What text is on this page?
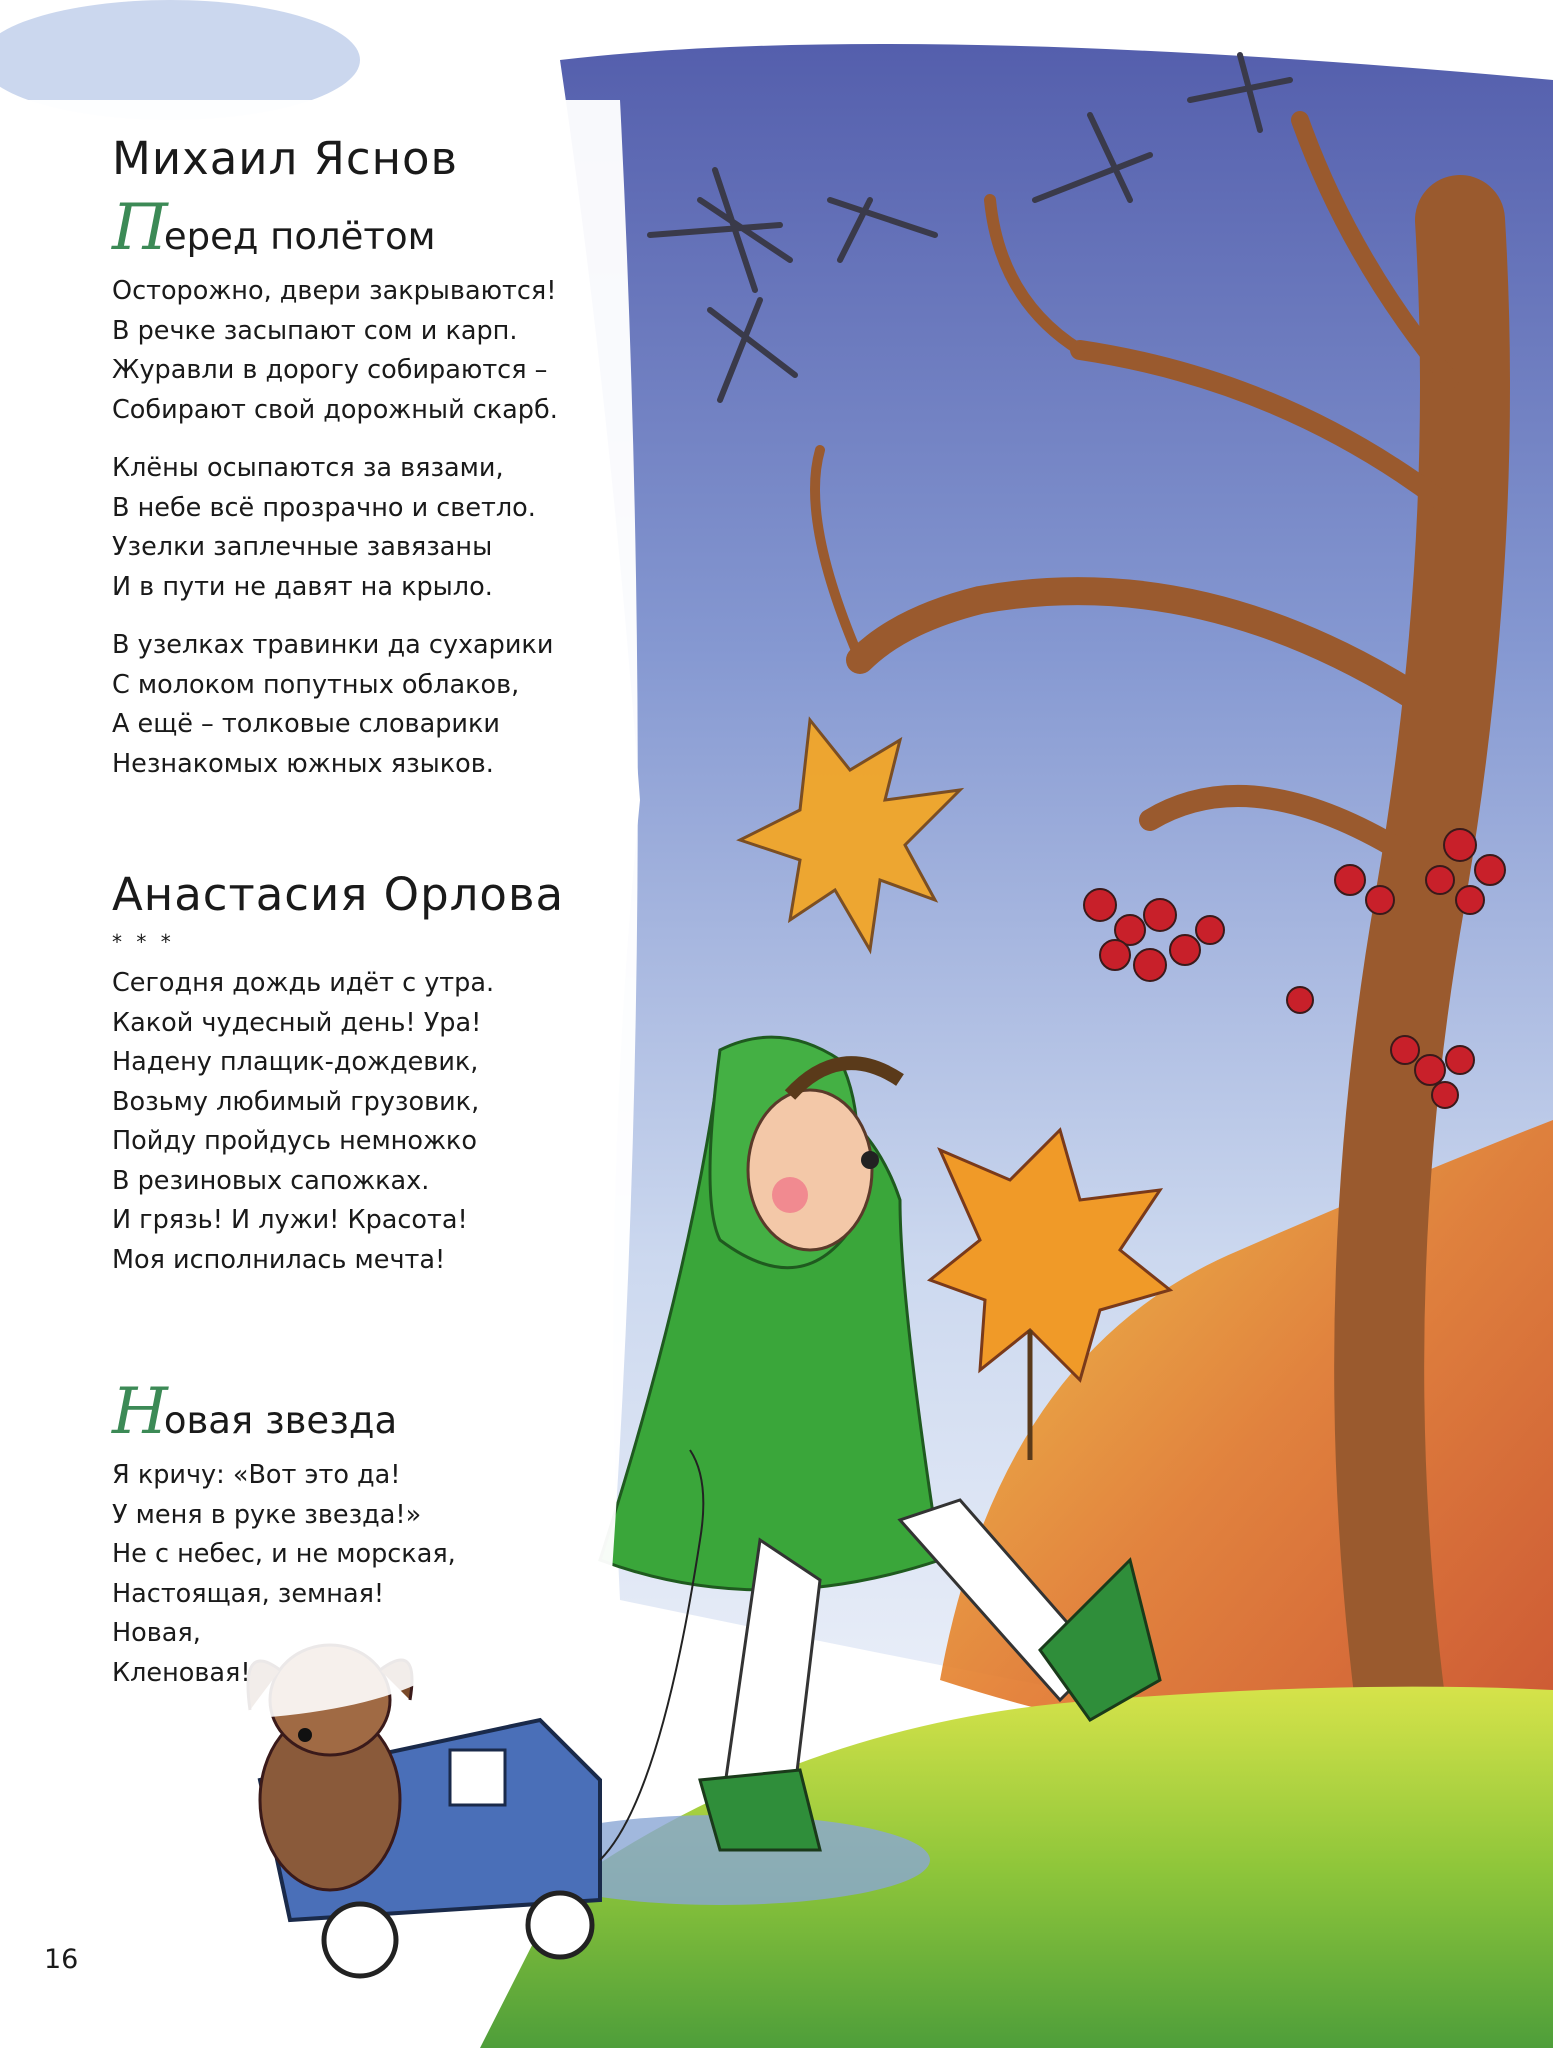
Михаил Яснов
Перед полётом

Осторожно, двери закрываются!
В речке засыпают сом и карп.
Журавли в дорогу собираются –
Собирают свой дорожный скарб.

Клёны осыпаются за вязами,
В небе всё прозрачно и светло.
Узелки заплечные завязаны
И в пути не давят на крыло.

В узелках травинки да сухарики
С молоком попутных облаков,
А ещё – толковые словарики
Незнакомых южных языков.

Анастасия Орлова
* * *

Сегодня дождь идёт с утра.
Какой чудесный день! Ура!
Надену плащик-дождевик,
Возьму любимый грузовик,
Пойду пройдусь немножко
В резиновых сапожках.
И грязь! И лужи! Красота!
Моя исполнилась мечта!

Новая звезда

Я кричу: «Вот это да!
У меня в руке звезда!»
Не с небес, и не морская,
Настоящая, земная!
Новая,
Кленовая!

16
